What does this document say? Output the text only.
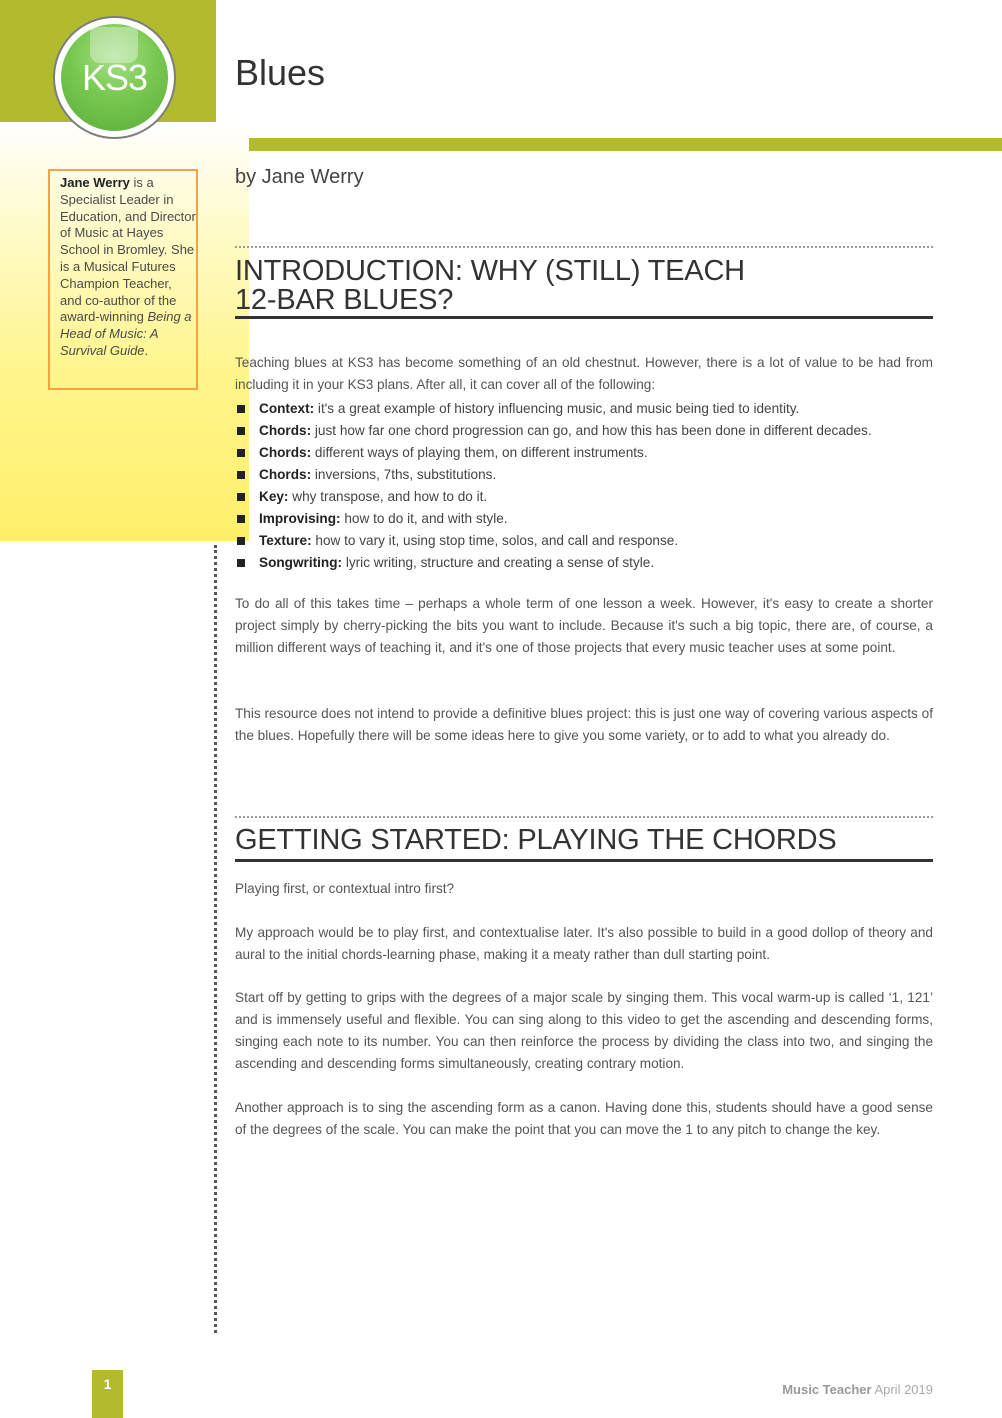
KS3 Blues
by Jane Werry
Jane Werry is a Specialist Leader in Education, and Director of Music at Hayes School in Bromley. She is a Musical Futures Champion Teacher, and co-author of the award-winning Being a Head of Music: A Survival Guide.
INTRODUCTION: WHY (STILL) TEACH
12-BAR BLUES?
Teaching blues at KS3 has become something of an old chestnut. However, there is a lot of value to be had from including it in your KS3 plans. After all, it can cover all of the following:
Context: it's a great example of history influencing music, and music being tied to identity.
Chords: just how far one chord progression can go, and how this has been done in different decades.
Chords: different ways of playing them, on different instruments.
Chords: inversions, 7ths, substitutions.
Key: why transpose, and how to do it.
Improvising: how to do it, and with style.
Texture: how to vary it, using stop time, solos, and call and response.
Songwriting: lyric writing, structure and creating a sense of style.
To do all of this takes time – perhaps a whole term of one lesson a week. However, it's easy to create a shorter project simply by cherry-picking the bits you want to include. Because it's such a big topic, there are, of course, a million different ways of teaching it, and it's one of those projects that every music teacher uses at some point.
This resource does not intend to provide a definitive blues project: this is just one way of covering various aspects of the blues. Hopefully there will be some ideas here to give you some variety, or to add to what you already do.
GETTING STARTED: PLAYING THE CHORDS
Playing first, or contextual intro first?
My approach would be to play first, and contextualise later. It's also possible to build in a good dollop of theory and aural to the initial chords-learning phase, making it a meaty rather than dull starting point.
Start off by getting to grips with the degrees of a major scale by singing them. This vocal warm-up is called ‘1, 121’ and is immensely useful and flexible. You can sing along to this video to get the ascending and descending forms, singing each note to its number. You can then reinforce the process by dividing the class into two, and singing the ascending and descending forms simultaneously, creating contrary motion.
Another approach is to sing the ascending form as a canon. Having done this, students should have a good sense of the degrees of the scale. You can make the point that you can move the 1 to any pitch to change the key.
1	Music Teacher April 2019
